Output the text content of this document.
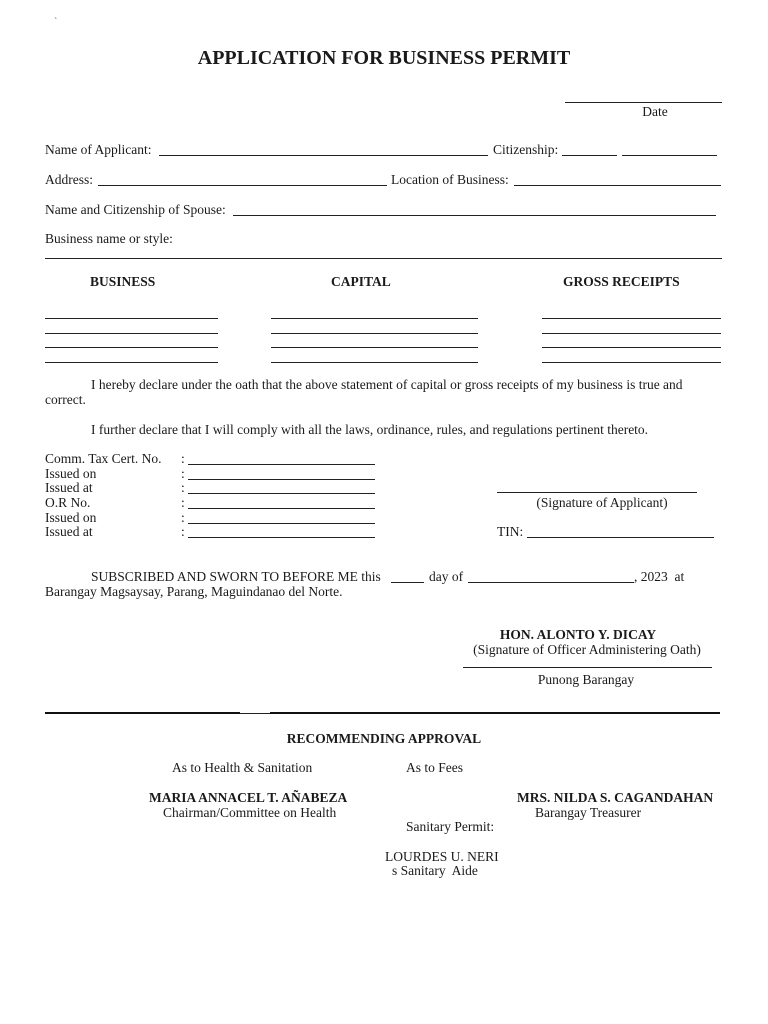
`
APPLICATION FOR BUSINESS PERMIT
Date
Name of Applicant:	Citizenship:
Address:	Location of Business:
Name and Citizenship of Spouse:
Business name or style:
BUSINESS	CAPITAL	GROSS RECEIPTS
I hereby declare under the oath that the above statement of capital or gross receipts of my business is true and
correct.
I further declare that I will comply with all the laws, ordinance, rules, and regulations pertinent thereto.
Comm. Tax Cert. No. :
Issued on	:
Issued at	:
O.R No.	:
Issued on	:
Issued at	:
(Signature of Applicant)
TIN:
SUBSCRIBED AND SWORN TO BEFORE ME this	day of	, 2023  at
Barangay Magsaysay, Parang, Maguindanao del Norte.
HON. ALONTO Y. DICAY
(Signature of Officer Administering Oath)
Punong Barangay
RECOMMENDING APPROVAL
As to Health & Sanitation	As to Fees
MARIA ANNACEL T. AÑABEZA	MRS. NILDA S. CAGANDAHAN
Chairman/Committee on Health	Barangay Treasurer
Sanitary Permit:
LOURDES U. NERI
s Sanitary  Aide
